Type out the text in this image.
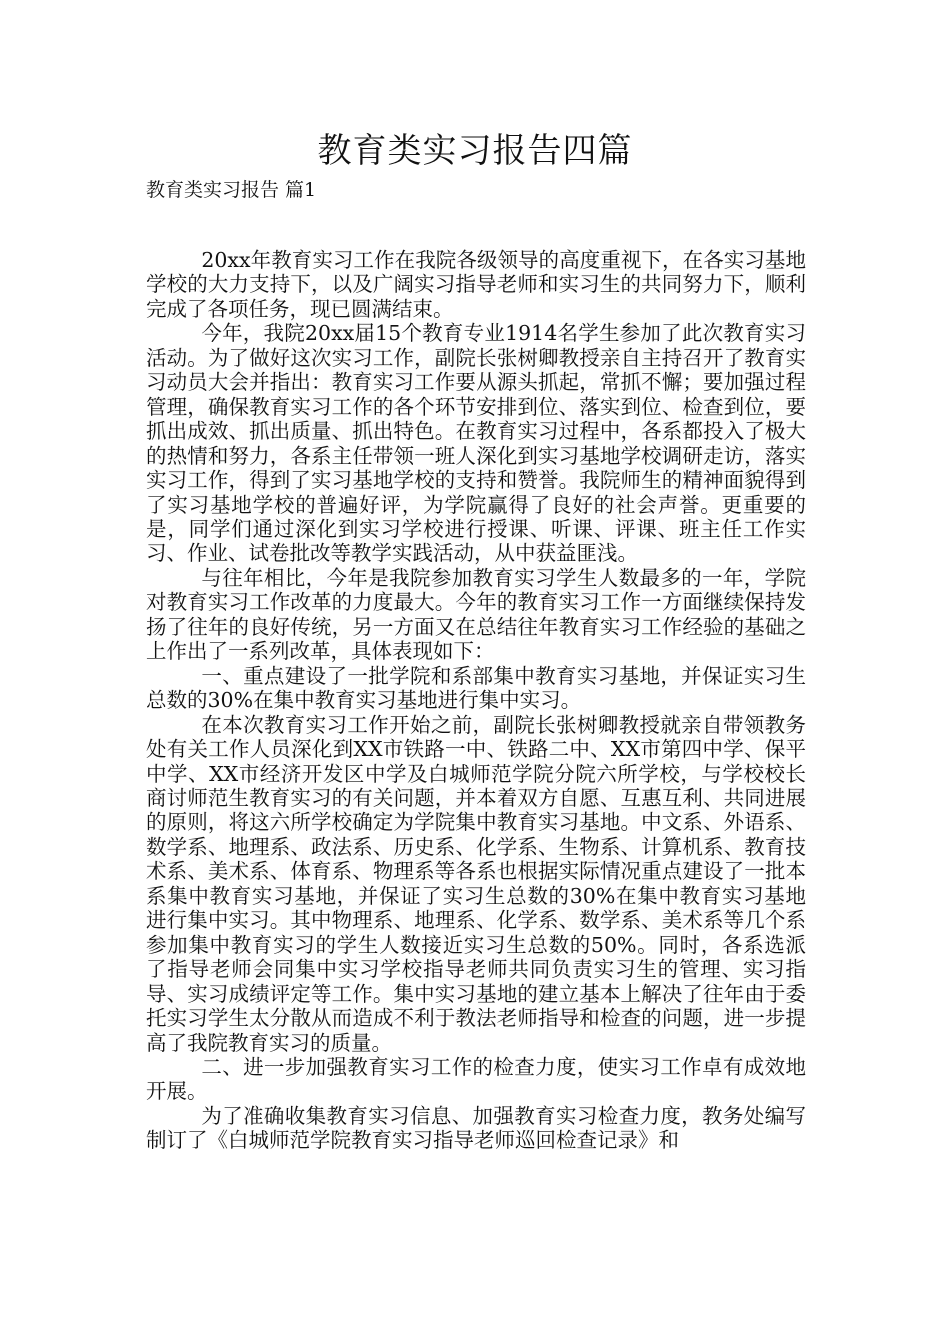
教育类实习报告四篇
教育类实习报告 篇1

20xx年教育实习工作在我院各级领导的高度重视下，在各实习基地学校的大力支持下，以及广阔实习指导老师和实习生的共同努力下，顺利完成了各项任务，现已圆满结束。

今年，我院20xx届15个教育专业1914名学生参加了此次教育实习活动。为了做好这次实习工作，副院长张树卿教授亲自主持召开了教育实习动员大会并指出：教育实习工作要从源头抓起，常抓不懈；要加强过程管理，确保教育实习工作的各个环节安排到位、落实到位、检查到位，要抓出成效、抓出质量、抓出特色。在教育实习过程中，各系都投入了极大的热情和努力，各系主任带领一班人深化到实习基地学校调研走访，落实实习工作，得到了实习基地学校的支持和赞誉。我院师生的精神面貌得到了实习基地学校的普遍好评，为学院赢得了良好的社会声誉。更重要的是，同学们通过深化到实习学校进行授课、听课、评课、班主任工作实习、作业、试卷批改等教学实践活动，从中获益匪浅。

与往年相比，今年是我院参加教育实习学生人数最多的一年，学院对教育实习工作改革的力度最大。今年的教育实习工作一方面继续保持发扬了往年的良好传统，另一方面又在总结往年教育实习工作经验的基础之上作出了一系列改革，具体表现如下：

一、重点建设了一批学院和系部集中教育实习基地，并保证实习生总数的30%在集中教育实习基地进行集中实习。

在本次教育实习工作开始之前，副院长张树卿教授就亲自带领教务处有关工作人员深化到XX市铁路一中、铁路二中、XX市第四中学、保平中学、XX市经济开发区中学及白城师范学院分院六所学校，与学校校长商讨师范生教育实习的有关问题，并本着双方自愿、互惠互利、共同进展的原则，将这六所学校确定为学院集中教育实习基地。中文系、外语系、数学系、地理系、政法系、历史系、化学系、生物系、计算机系、教育技术系、美术系、体育系、物理系等各系也根据实际情况重点建设了一批本系集中教育实习基地，并保证了实习生总数的30%在集中教育实习基地进行集中实习。其中物理系、地理系、化学系、数学系、美术系等几个系参加集中教育实习的学生人数接近实习生总数的50%。同时，各系选派了指导老师会同集中实习学校指导老师共同负责实习生的管理、实习指导、实习成绩评定等工作。集中实习基地的建立基本上解决了往年由于委托实习学生太分散从而造成不利于教法老师指导和检查的问题，进一步提高了我院教育实习的质量。

二、进一步加强教育实习工作的检查力度，使实习工作卓有成效地开展。

为了准确收集教育实习信息、加强教育实习检查力度，教务处编写制订了《白城师范学院教育实习指导老师巡回检查记录》和
